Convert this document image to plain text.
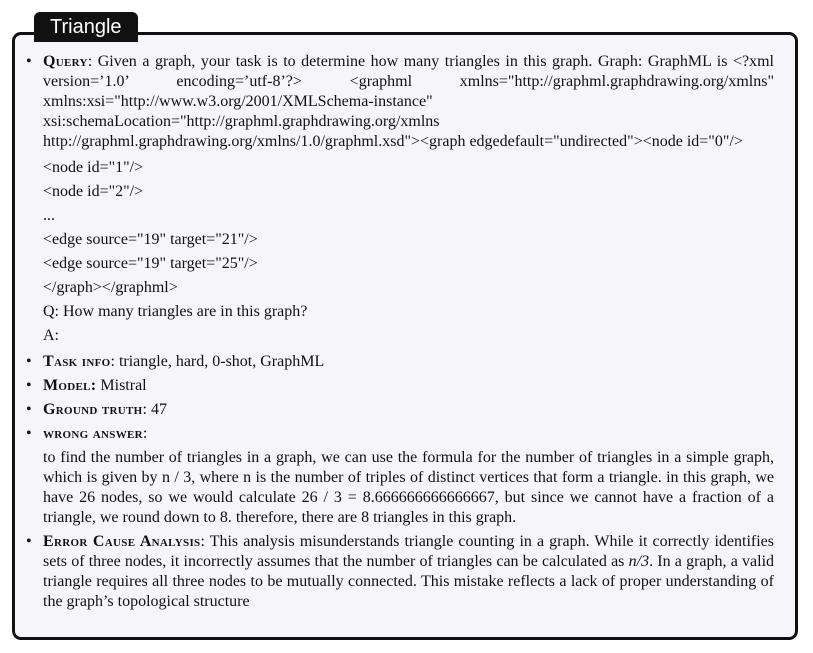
Triangle
• Query: Given a graph, your task is to determine how many triangles in this graph. Graph: GraphML is <?xml version=’1.0’ encoding=’utf-8’?> <graphml xmlns="http://graphml.graphdrawing.org/xmlns" xmlns:xsi="http://www.w3.org/2001/XMLSchema-instance" xsi:schemaLocation="http://graphml.graphdrawing.org/xmlns http://graphml.graphdrawing.org/xmlns/1.0/graphml.xsd"><graph edgedefault="undirected"><node id="0"/>
<node id="1"/>
<node id="2"/>
...
<edge source="19" target="21"/>
<edge source="19" target="25"/>
</graph></graphml>
Q: How many triangles are in this graph?
A:
• Task info: triangle, hard, 0-shot, GraphML
• Model: Mistral
• Ground truth: 47
• wrong answer:
to find the number of triangles in a graph, we can use the formula for the number of triangles in a simple graph, which is given by n / 3, where n is the number of triples of distinct vertices that form a triangle. in this graph, we have 26 nodes, so we would calculate 26 / 3 = 8.666666666666667, but since we cannot have a fraction of a triangle, we round down to 8. therefore, there are 8 triangles in this graph.
• Error Cause Analysis: This analysis misunderstands triangle counting in a graph. While it correctly identifies sets of three nodes, it incorrectly assumes that the number of triangles can be calculated as n/3. In a graph, a valid triangle requires all three nodes to be mutually connected. This mistake reflects a lack of proper understanding of the graph’s topological structure
